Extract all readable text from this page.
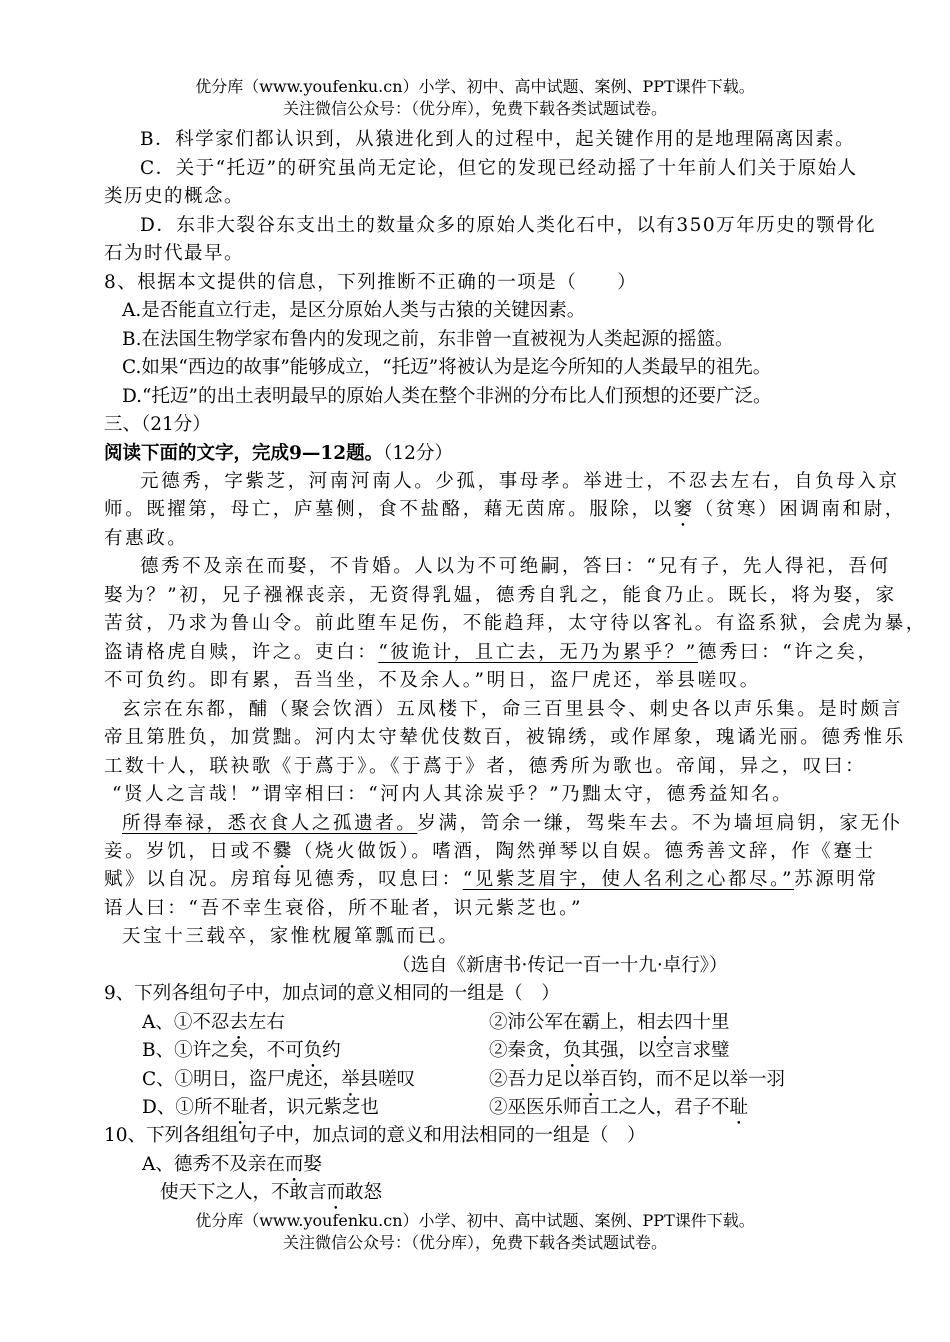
优分库（www.youfenku.cn）小学、初中、高中试题、案例、PPT课件下载。
关注微信公众号：（优分库），免费下载各类试题试卷。
B．科学家们都认识到，从猿进化到人的过程中，起关键作用的是地理隔离因素。
C．关于“托迈”的研究虽尚无定论，但它的发现已经动摇了十年前人们关于原始人
类历史的概念。
D．东非大裂谷东支出土的数量众多的原始人类化石中，以有350万年历史的颚骨化
石为时代最早。
8、根据本文提供的信息，下列推断不正确的一项是（　　）
A.是否能直立行走，是区分原始人类与古猿的关键因素。
B.在法国生物学家布鲁内的发现之前，东非曾一直被视为人类起源的摇篮。
C.如果“西边的故事”能够成立，“托迈”将被认为是迄今所知的人类最早的祖先。
D.“托迈”的出土表明最早的原始人类在整个非洲的分布比人们预想的还要广泛。
三、（21分）
阅读下面的文字，完成9—12题。（12分）
元德秀，字紫芝，河南河南人。少孤，事母孝。举进士，不忍去左右，自负母入京
师。既擢第，母亡，庐墓侧，食不盐酪，藉无茵席。服除，以窭（贫寒）困调南和尉，
有惠政。
德秀不及亲在而娶，不肯婚。人以为不可绝嗣，答曰：“兄有子，先人得祀，吾何
娶为？”初，兄子襁褓丧亲，无资得乳媪，德秀自乳之，能食乃止。既长，将为娶，家
苦贫，乃求为鲁山令。前此堕车足伤，不能趋拜，太守待以客礼。有盗系狱，会虎为暴，
盗请格虎自赎，许之。吏白：“彼诡计，且亡去，无乃为累乎？”德秀曰：“许之矣，
不可负约。即有累，吾当坐，不及余人。”明日，盗尸虎还，举县嗟叹。
玄宗在东都，酺（聚会饮酒）五凤楼下，命三百里县令、刺史各以声乐集。是时颇言
帝且第胜负，加赏黜。河内太守辇优伎数百，被锦绣，或作犀象，瑰谲光丽。德秀惟乐
工数十人，联袂歌《于蔿于》。《于蔿于》者，德秀所为歌也。帝闻，异之，叹曰：
“贤人之言哉！”谓宰相曰：“河内人其涂炭乎？”乃黜太守，德秀益知名。
所得奉禄，悉衣食人之孤遗者。岁满，笥余一缣，驾柴车去。不为墙垣扃钥，家无仆
妾。岁饥，日或不爨（烧火做饭）。嗜酒，陶然弹琴以自娱。德秀善文辞，作《蹇士
赋》以自况。房琯每见德秀，叹息曰：“见紫芝眉宇，使人名利之心都尽。”苏源明常
语人曰：“吾不幸生衰俗，所不耻者，识元紫芝也。”
天宝十三载卒，家惟枕履箪瓢而已。
（选自《新唐书·传记一百一十九·卓行》）
9、下列各组句子中，加点词的意义相同的一组是（　）
A、①不忍去左右	②沛公军在霸上，相去四十里
B、①许之矣，不可负约	②秦贪，负其强，以空言求璧
C、①明日，盗尸虎还，举县嗟叹	②吾力足以举百钧，而不足以举一羽
D、①所不耻者，识元紫芝也	②巫医乐师百工之人，君子不耻
10、下列各组组句子中，加点词的意义和用法相同的一组是（　）
A、德秀不及亲在而娶
使天下之人，不敢言而敢怒
优分库（www.youfenku.cn）小学、初中、高中试题、案例、PPT课件下载。
关注微信公众号：（优分库），免费下载各类试题试卷。
